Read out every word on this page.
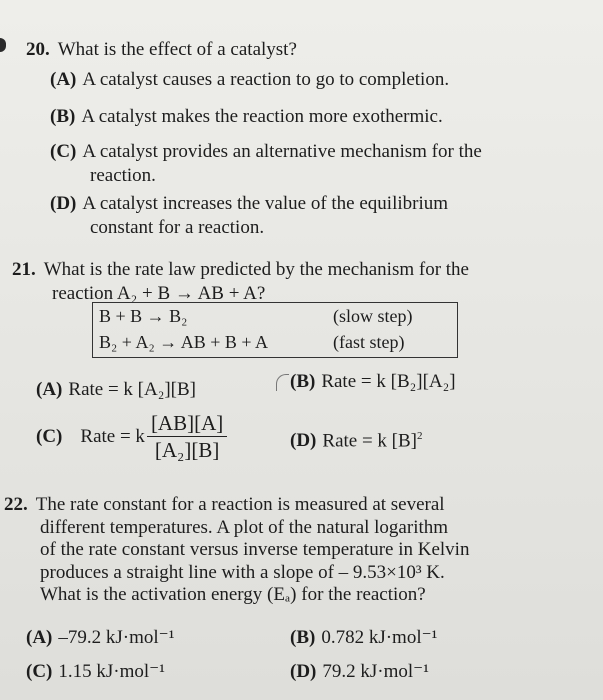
20. What is the effect of a catalyst?
(A) A catalyst causes a reaction to go to completion.
(B) A catalyst makes the reaction more exothermic.
(C) A catalyst provides an alternative mechanism for the
reaction.
(D) A catalyst increases the value of the equilibrium
constant for a reaction.
21. What is the rate law predicted by the mechanism for the
reaction A₂ + B → AB + A?
B + B → B₂	(slow step)
B₂ + A₂ → AB + B + A	(fast step)
(A) Rate = k [A₂][B]	(B) Rate = k [B₂][A₂]
(C) Rate = k $\frac{[AB][A]}{\text{[A₂][B]}}$	(D) Rate = k $[B]^2$
22. The rate constant for a reaction is measured at several
different temperatures. A plot of the natural logarithm
of the rate constant versus inverse temperature in Kelvin
produces a straight line with a slope of – 9.53×10³ K.
What is the activation energy (Eₐ) for the reaction?
(A) –79.2 kJ·mol⁻¹	(B) 0.782 kJ·mol⁻¹
(C) 1.15 kJ·mol⁻¹	(D) 79.2 kJ·mol⁻¹
